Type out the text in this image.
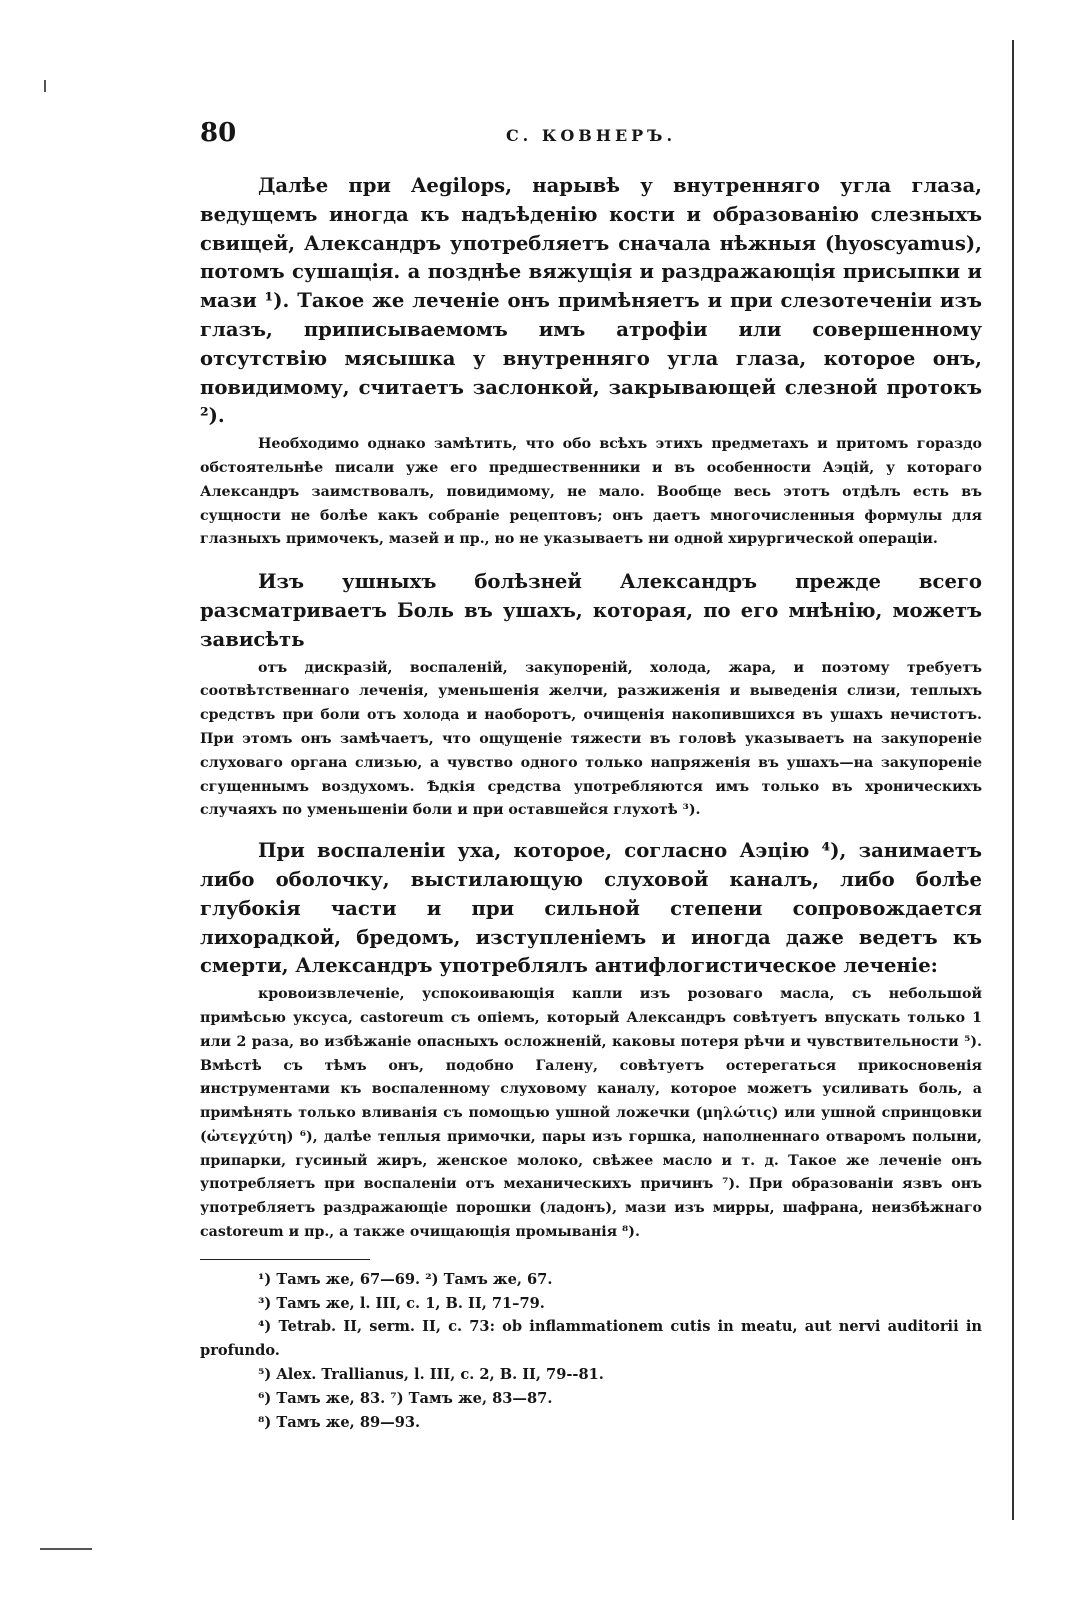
80	С. КОВНЕРЪ.

Далѣе при Aegilops, нарывѣ у внутренняго угла глаза, ведущемъ иногда къ надъѣденію кости и образованію слезныхъ свищей, Александръ употребляетъ сначала нѣжныя (hyoscyamus), потомъ сушащія. а позднѣе вяжущія и раздражающія присыпки и мази ¹). Такое же леченіе онъ примѣняетъ и при слезотеченіи изъ глазъ, приписываемомъ имъ атрофіи или совершенному отсутствію мясышка у внутренняго угла глаза, которое онъ, повидимому, считаетъ заслонкой, закрывающей слезной протокъ ²).

Необходимо однако замѣтить, что обо всѣхъ этихъ предметахъ и притомъ гораздо обстоятельнѣе писали уже его предшественники и въ особенности Аэцій, у котораго Александръ заимствовалъ, повидимому, не мало. Вообще весь этотъ отдѣлъ есть въ сущности не болѣе какъ собраніе рецептовъ; онъ даетъ многочисленныя формулы для глазныхъ примочекъ, мазей и пр., но не указываетъ ни одной хирургической операціи.

Изъ ушныхъ болѣзней Александръ прежде всего разсматриваетъ Боль въ ушахъ, которая, по его мнѣнію, можетъ зависѣть

отъ дискразій, воспаленій, закупореній, холода, жара, и поэтому требуетъ соотвѣтственнаго леченія, уменьшенія желчи, разжиженія и выведенія слизи, теплыхъ средствъ при боли отъ холода и наоборотъ, очищенія накопившихся въ ушахъ нечистотъ. При этомъ онъ замѣчаетъ, что ощущеніе тяжести въ головѣ указываетъ на закупореніе слуховаго органа слизью, а чувство одного только напряженія въ ушахъ—на закупореніе сгущеннымъ воздухомъ. Ѣдкія средства употребляются имъ только въ хроническихъ случаяхъ по уменьшеніи боли и при оставшейся глухотѣ ³).

При воспаленіи уха, которое, согласно Аэцію ⁴), занимаетъ либо оболочку, выстилающую слуховой каналъ, либо болѣе глубокія части и при сильной степени сопровождается лихорадкой, бредомъ, изступленіемъ и иногда даже ведетъ къ смерти, Александръ употреблялъ антифлогистическое леченіе:

кровоизвлеченіе, успокоивающія капли изъ розоваго масла, съ небольшой примѣсью уксуса, castoreum съ опіемъ, который Александръ совѣтуетъ впускать только 1 или 2 раза, во избѣжаніе опасныхъ осложненій, каковы потеря рѣчи и чувствительности ⁵). Вмѣстѣ съ тѣмъ онъ, подобно Галену, совѣтуетъ остерегаться прикосновенія инструментами къ воспаленному слуховому каналу, которое можетъ усиливать боль, а примѣнять только вливанія съ помощью ушной ложечки (μηλώτις) или ушной спринцовки (ὠτεγχύτη) ⁶), далѣе теплыя примочки, пары изъ горшка, наполненнаго отваромъ полыни, припарки, гусиный жиръ, женское молоко, свѣжее масло и т. д. Такое же леченіе онъ употребляетъ при воспаленіи отъ механическихъ причинъ ⁷). При образованіи язвъ онъ употребляетъ раздражающіе порошки (ладонъ), мази изъ мирры, шафрана, неизбѣжнаго castoreum и пр., а также очищающія промыванія ⁸).

¹) Тамъ же, 67—69. ²) Тамъ же, 67.
³) Тамъ же, l. III, c. 1, B. II, 71–79.
⁴) Tetrab. II, serm. II, c. 73: ob inflammationem cutis in meatu, aut nervi auditorii in profundo.
⁵) Alex. Trallianus, l. III, c. 2, B. II, 79--81.
⁶) Тамъ же, 83. ⁷) Тамъ же, 83—87.
⁸) Тамъ же, 89—93.
